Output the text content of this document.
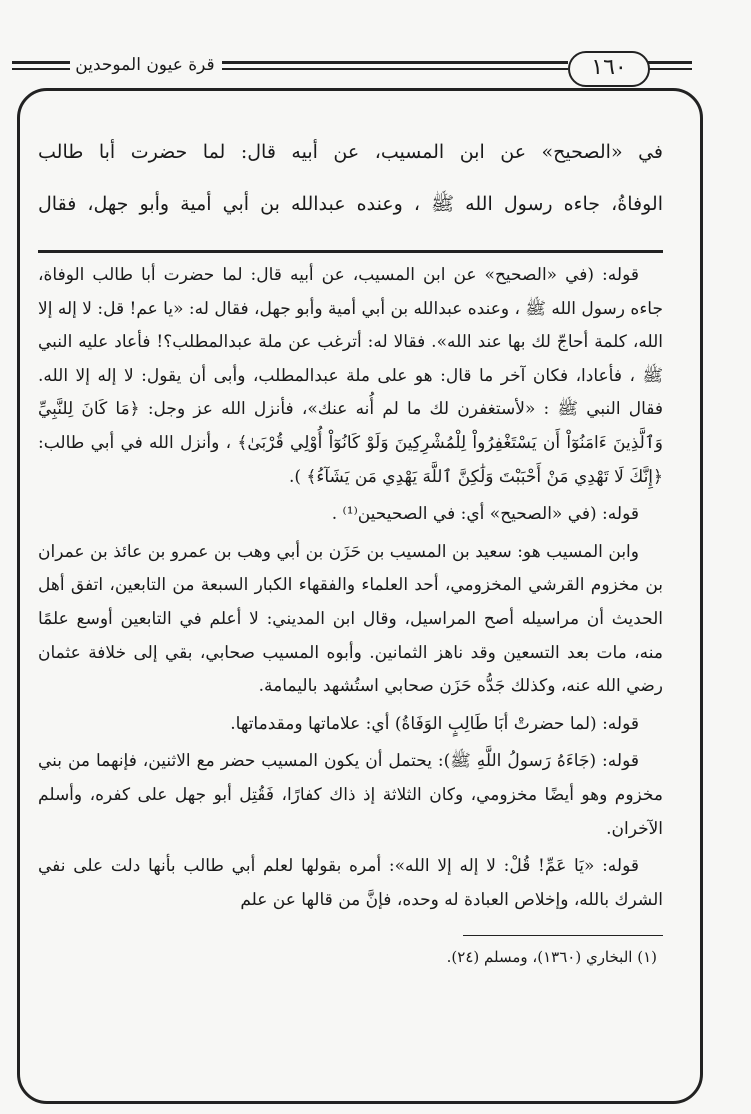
قرة عيون الموحدين	١٦٠

في «الصحيح» عن ابن المسيب، عن أبيه قال: لما حضرت أبا طالب

الوفاةُ، جاءه رسول الله ﷺ ، وعنده عبدالله بن أبي أمية وأبو جهل، فقال

قوله: (في «الصحيح» عن ابن المسيب، عن أبيه قال: لما حضرت أبا طالب الوفاة، جاءه رسول الله ﷺ ، وعنده عبدالله بن أبي أمية وأبو جهل، فقال له: «يا عم! قل: لا إله إلا الله، كلمة أحاجّ لك بها عند الله». فقالا له: أترغب عن ملة عبدالمطلب؟! فأعاد عليه النبي ﷺ ، فأعادا، فكان آخر ما قال: هو على ملة عبدالمطلب، وأبى أن يقول: لا إله إلا الله. فقال النبي ﷺ : «لأستغفرن لك ما لم أُنه عنك»، فأنزل الله عز وجل: ﴿مَا كَانَ لِلنَّبِيِّ وَٱلَّذِينَ ءَامَنُوٓاْ أَن يَسْتَغْفِرُواْ لِلْمُشْرِكِينَ وَلَوْ كَانُوٓاْ أُوْلِي قُرْبَىٰ﴾ ، وأنزل الله في أبي طالب: ﴿إِنَّكَ لَا تَهْدِي مَنْ أَحْبَبْتَ وَلَٰكِنَّ ٱللَّهَ يَهْدِي مَن يَشَآءُ﴾ ).

قوله: (في «الصحيح» أي: في الصحيحين⁽¹⁾ .

وابن المسيب هو: سعيد بن المسيب بن حَزَن بن أبي وهب بن عمرو بن عائذ بن عمران بن مخزوم القرشي المخزومي، أحد العلماء والفقهاء الكبار السبعة من التابعين، اتفق أهل الحديث أن مراسيله أصح المراسيل، وقال ابن المديني: لا أعلم في التابعين أوسع علمًا منه، مات بعد التسعين وقد ناهز الثمانين. وأبوه المسيب صحابي، بقي إلى خلافة عثمان رضي الله عنه، وكذلك جَدُّه حَزَن صحابي استُشهد باليمامة.

قوله: (لما حضرتْ أبَا طَالِبٍ الوَفَاةُ) أي: علاماتها ومقدماتها.

قوله: (جَاءَهُ رَسولُ اللَّهِ ﷺ): يحتمل أن يكون المسيب حضر مع الاثنين، فإنهما من بني مخزوم وهو أيضًا مخزومي، وكان الثلاثة إذ ذاك كفارًا، فَقُتِل أبو جهل على كفره، وأسلم الآخران.

قوله: «يَا عَمِّ! قُلْ: لا إله إلا الله»: أمره بقولها لعلم أبي طالب بأنها دلت على نفي الشرك بالله، وإخلاص العبادة له وحده، فإنَّ من قالها عن علم

(١) البخاري (١٣٦٠)، ومسلم (٢٤).
